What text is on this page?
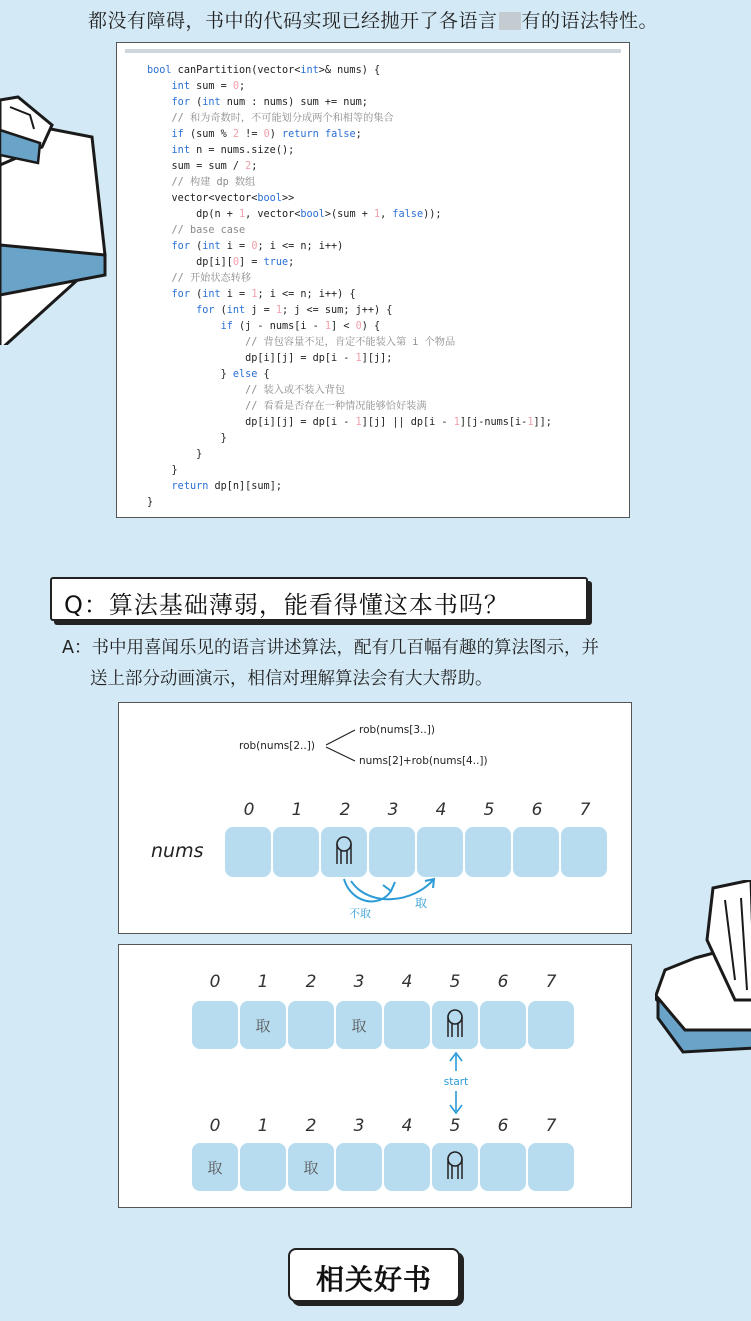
都没有障碍，书中的代码实现已经抛开了各语言 有的语法特性。
bool canPartition(vector<int>& nums) {
int sum = 0;
for (int num : nums) sum += num;
// 和为奇数时，不可能划分成两个和相等的集合
if (sum % 2 != 0) return false;
int n = nums.size();
sum = sum / 2;
// 构建 dp 数组
vector<vector<bool>>
dp(n + 1, vector<bool>(sum + 1, false));
// base case
for (int i = 0; i <= n; i++)
dp[i][0] = true;
// 开始状态转移
for (int i = 1; i <= n; i++) {
for (int j = 1; j <= sum; j++) {
if (j - nums[i - 1] < 0) {
// 背包容量不足，肯定不能装入第 i 个物品
dp[i][j] = dp[i - 1][j];
} else {
// 装入或不装入背包
// 看看是否存在一种情况能够恰好装满
dp[i][j] = dp[i - 1][j] || dp[i - 1][j-nums[i-1]];
}
}
}
return dp[n][sum];
}

Q：算法基础薄弱，能看得懂这本书吗？
A：书中用喜闻乐见的语言讲述算法，配有几百幅有趣的算法图示，并
送上部分动画演示，相信对理解算法会有大大帮助。
rob(nums[2..])
rob(nums[3..])
nums[2]+rob(nums[4..])
nums
0 1 2 3 4 5 6 7
不取
取
0 1 2 3 4 5 6 7
取	取
0 1 2 3 4 5 6 7
取	取
start
相关好书
